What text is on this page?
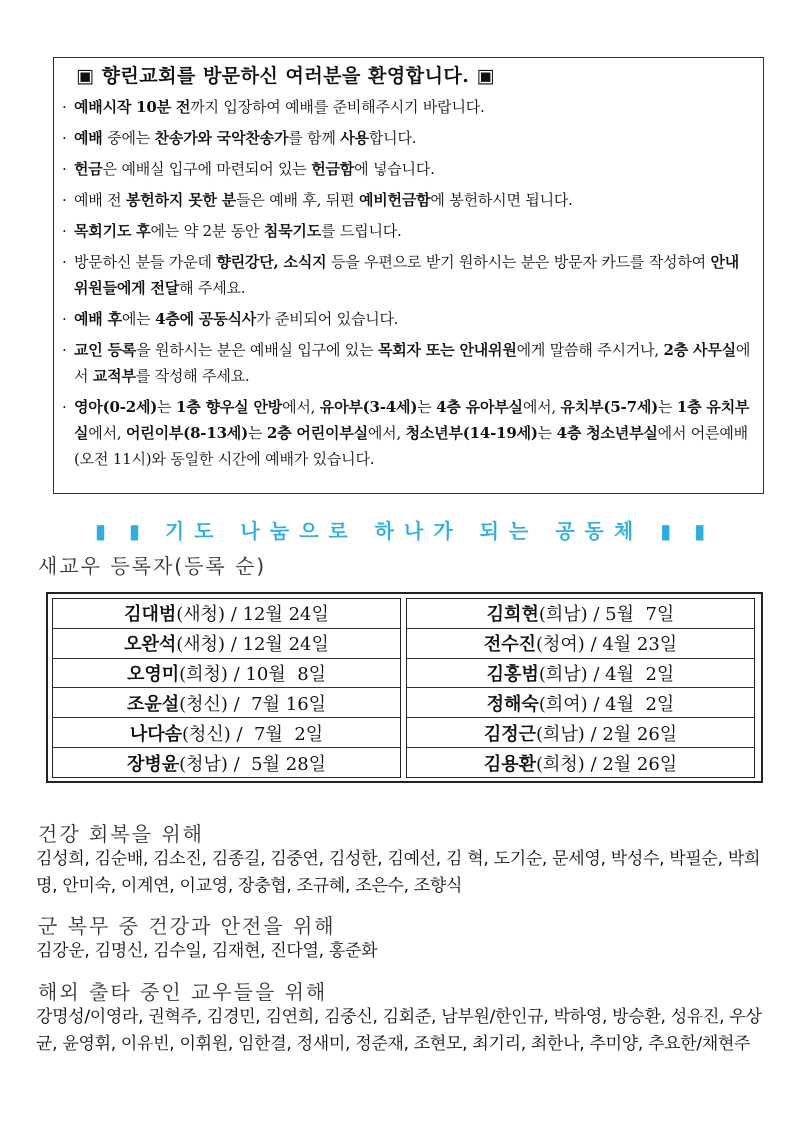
▣ 향린교회를 방문하신 여러분을 환영합니다. ▣
· 예배시작 10분 전까지 입장하여 예배를 준비해주시기 바랍니다.
· 예배 중에는 찬송가와 국악찬송가를 함께 사용합니다.
· 헌금은 예배실 입구에 마련되어 있는 헌금함에 넣습니다.
· 예배 전 봉헌하지 못한 분들은 예배 후, 뒤편 예비헌금함에 봉헌하시면 됩니다.
· 목회기도 후에는 약 2분 동안 침묵기도를 드립니다.
· 방문하신 분들 가운데 향린강단, 소식지 등을 우편으로 받기 원하시는 분은 방문자 카드를 작성하여 안내위원들에게 전달해 주세요.
· 예배 후에는 4층에 공동식사가 준비되어 있습니다.
· 교인 등록을 원하시는 분은 예배실 입구에 있는 목회자 또는 안내위원에게 말씀해 주시거나, 2층 사무실에서 교적부를 작성해 주세요.
· 영아(0-2세)는 1층 향우실 안방에서, 유아부(3-4세)는 4층 유아부실에서, 유치부(5-7세)는 1층 유치부실에서, 어린이부(8-13세)는 2층 어린이부실에서, 청소년부(14-19세)는 4층 청소년부실에서 어른예배(오전 11시)와 동일한 시간에 예배가 있습니다.
▮ ▮ 기도 나눔으로 하나가 되는 공동체 ▮ ▮
새교우 등록자(등록 순)
김대범 (새청) / 12월 24일
오완석 (새청) / 12월 24일
오영미 (희청) / 10월  8일
조윤설 (청신) /  7월 16일
나다솜 (청신) /  7월  2일
장병윤 (청남) /  5월 28일
김희현 (희남) / 5월  7일
전수진 (청여) / 4월 23일
김홍범 (희남) / 4월  2일
정해숙 (희여) / 4월  2일
김정근 (희남) / 2월 26일
김용환 (희청) / 2월 26일
건강 회복을 위해
김성희, 김순배, 김소진, 김종길, 김중연, 김성한, 김예선, 김 혁, 도기순, 문세영, 박성수, 박필순, 박희명, 안미숙, 이계연, 이교영, 장충협, 조규혜, 조은수, 조향식
군 복무 중 건강과 안전을 위해
김강운, 김명신, 김수일, 김재현, 진다열, 홍준화
해외 출타 중인 교우들을 위해
강명성/이영라, 권혁주, 김경민, 김연희, 김중신, 김회준, 남부원/한인규, 박하영, 방승환, 성유진, 우상균, 윤영휘, 이유빈, 이휘원, 임한결, 정새미, 정준재, 조현모, 최기리, 최한나, 추미양, 추요한/채현주
